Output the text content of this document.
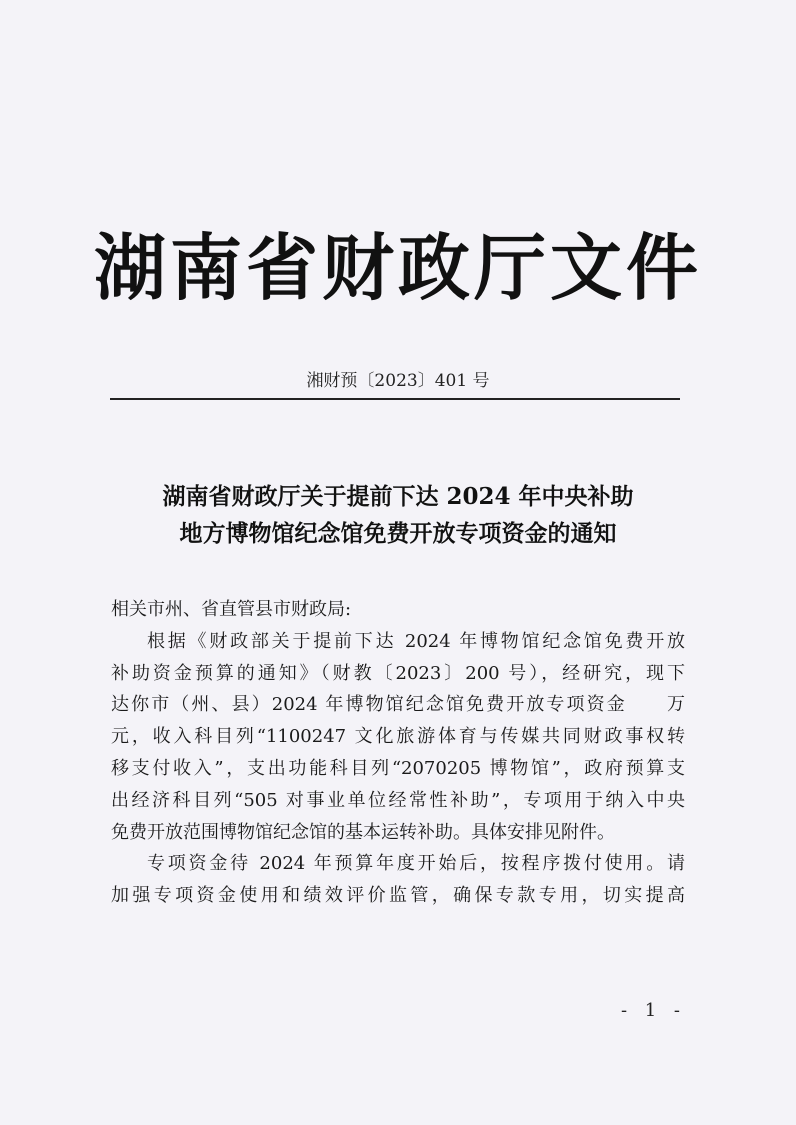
湖南省财政厅文件
湘财预〔2023〕401 号
湖南省财政厅关于提前下达 2024 年中央补助
地方博物馆纪念馆免费开放专项资金的通知

相关市州、省直管县市财政局:

根据《财政部关于提前下达 2024 年博物馆纪念馆免费开放

补助资金预算的通知》（财教〔2023〕200 号），经研究，现下

达你市（州、县）2024 年博物馆纪念馆免费开放专项资金　　万

元，收入科目列“1100247 文化旅游体育与传媒共同财政事权转

移支付收入”，支出功能科目列“2070205 博物馆”，政府预算支

出经济科目列“505 对事业单位经常性补助”，专项用于纳入中央

免费开放范围博物馆纪念馆的基本运转补助。具体安排见附件。

专项资金待 2024 年预算年度开始后，按程序拨付使用。请

加强专项资金使用和绩效评价监管，确保专款专用，切实提高

- 1 -
